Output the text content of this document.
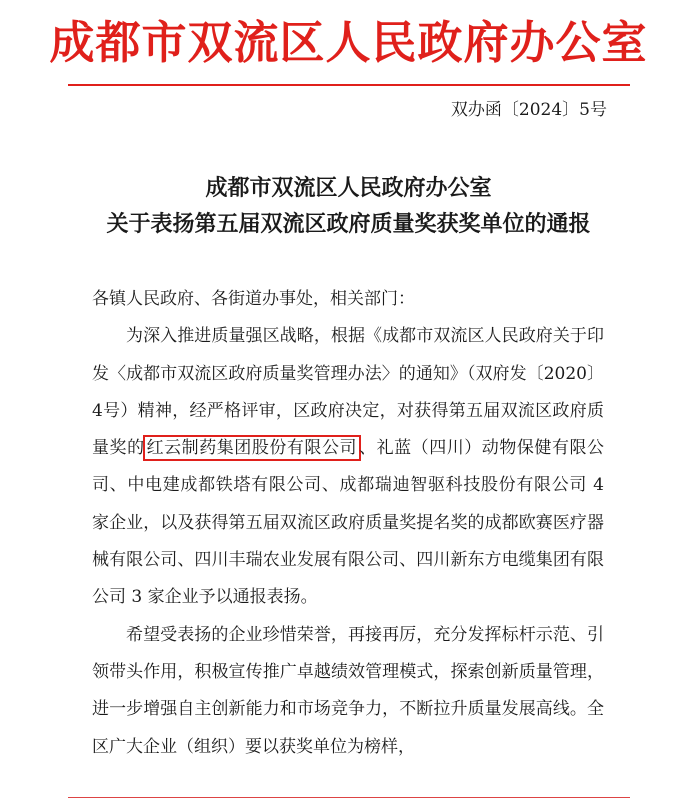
成都市双流区人民政府办公室
双办函〔2024〕5号
成都市双流区人民政府办公室
关于表扬第五届双流区政府质量奖获奖单位的通报

各镇人民政府、各街道办事处，相关部门：

为深入推进质量强区战略，根据《成都市双流区人民政府关于印发〈成都市双流区政府质量奖管理办法〉的通知》（双府发〔2020〕4号）精神，经严格评审，区政府决定，对获得第五届双流区政府质量奖的 红云制药集团股份有限公司 、礼蓝（四川）动物保健有限公司、中电建成都铁塔有限公司、成都瑞迪智驱科技股份有限公司 4 家企业，以及获得第五届双流区政府质量奖提名奖的成都欧赛医疗器械有限公司、四川丰瑞农业发展有限公司、四川新东方电缆集团有限公司 3 家企业予以通报表扬。

希望受表扬的企业珍惜荣誉，再接再厉，充分发挥标杆示范、引领带头作用，积极宣传推广卓越绩效管理模式，探索创新质量管理，进一步增强自主创新能力和市场竞争力，不断拉升质量发展高线。全区广大企业（组织）要以获奖单位为榜样，
